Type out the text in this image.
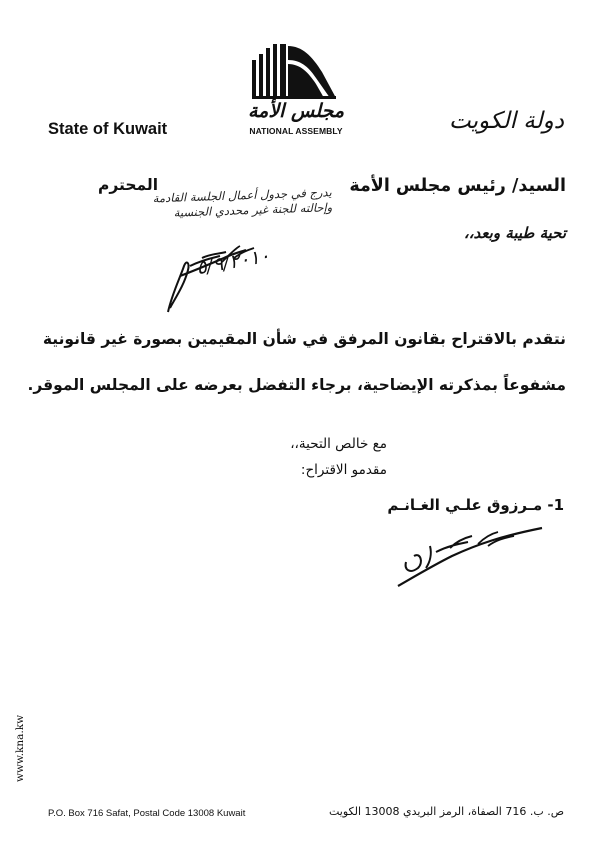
مجلس الأمة
NATIONAL ASSEMBLY
State of Kuwait	دولة الكويت
السيد/ رئيس مجلس الأمة
المحترم
يدرج في جدول أعمال الجلسة القادمة
وإحالته للجنة غير محددي الجنسية
تحية طيبة وبعد،،
٥/٩/٢٠١٠
نتقدم بالاقتراح بقانون المرفق في شأن المقيمين بصورة غير قانونية مشفوعاً بمذكرته الإيضاحية، برجاء التفضل بعرضه على المجلس الموقر.
مع خالص التحية،،
مقدمو الاقتراح:
1- مـرزوق علـي الغـانـم
www.kna.kw
P.O. Box 716 Safat, Postal Code 13008 Kuwait	ص. ب. 716 الصفاة، الرمز البريدي 13008 الكويت
